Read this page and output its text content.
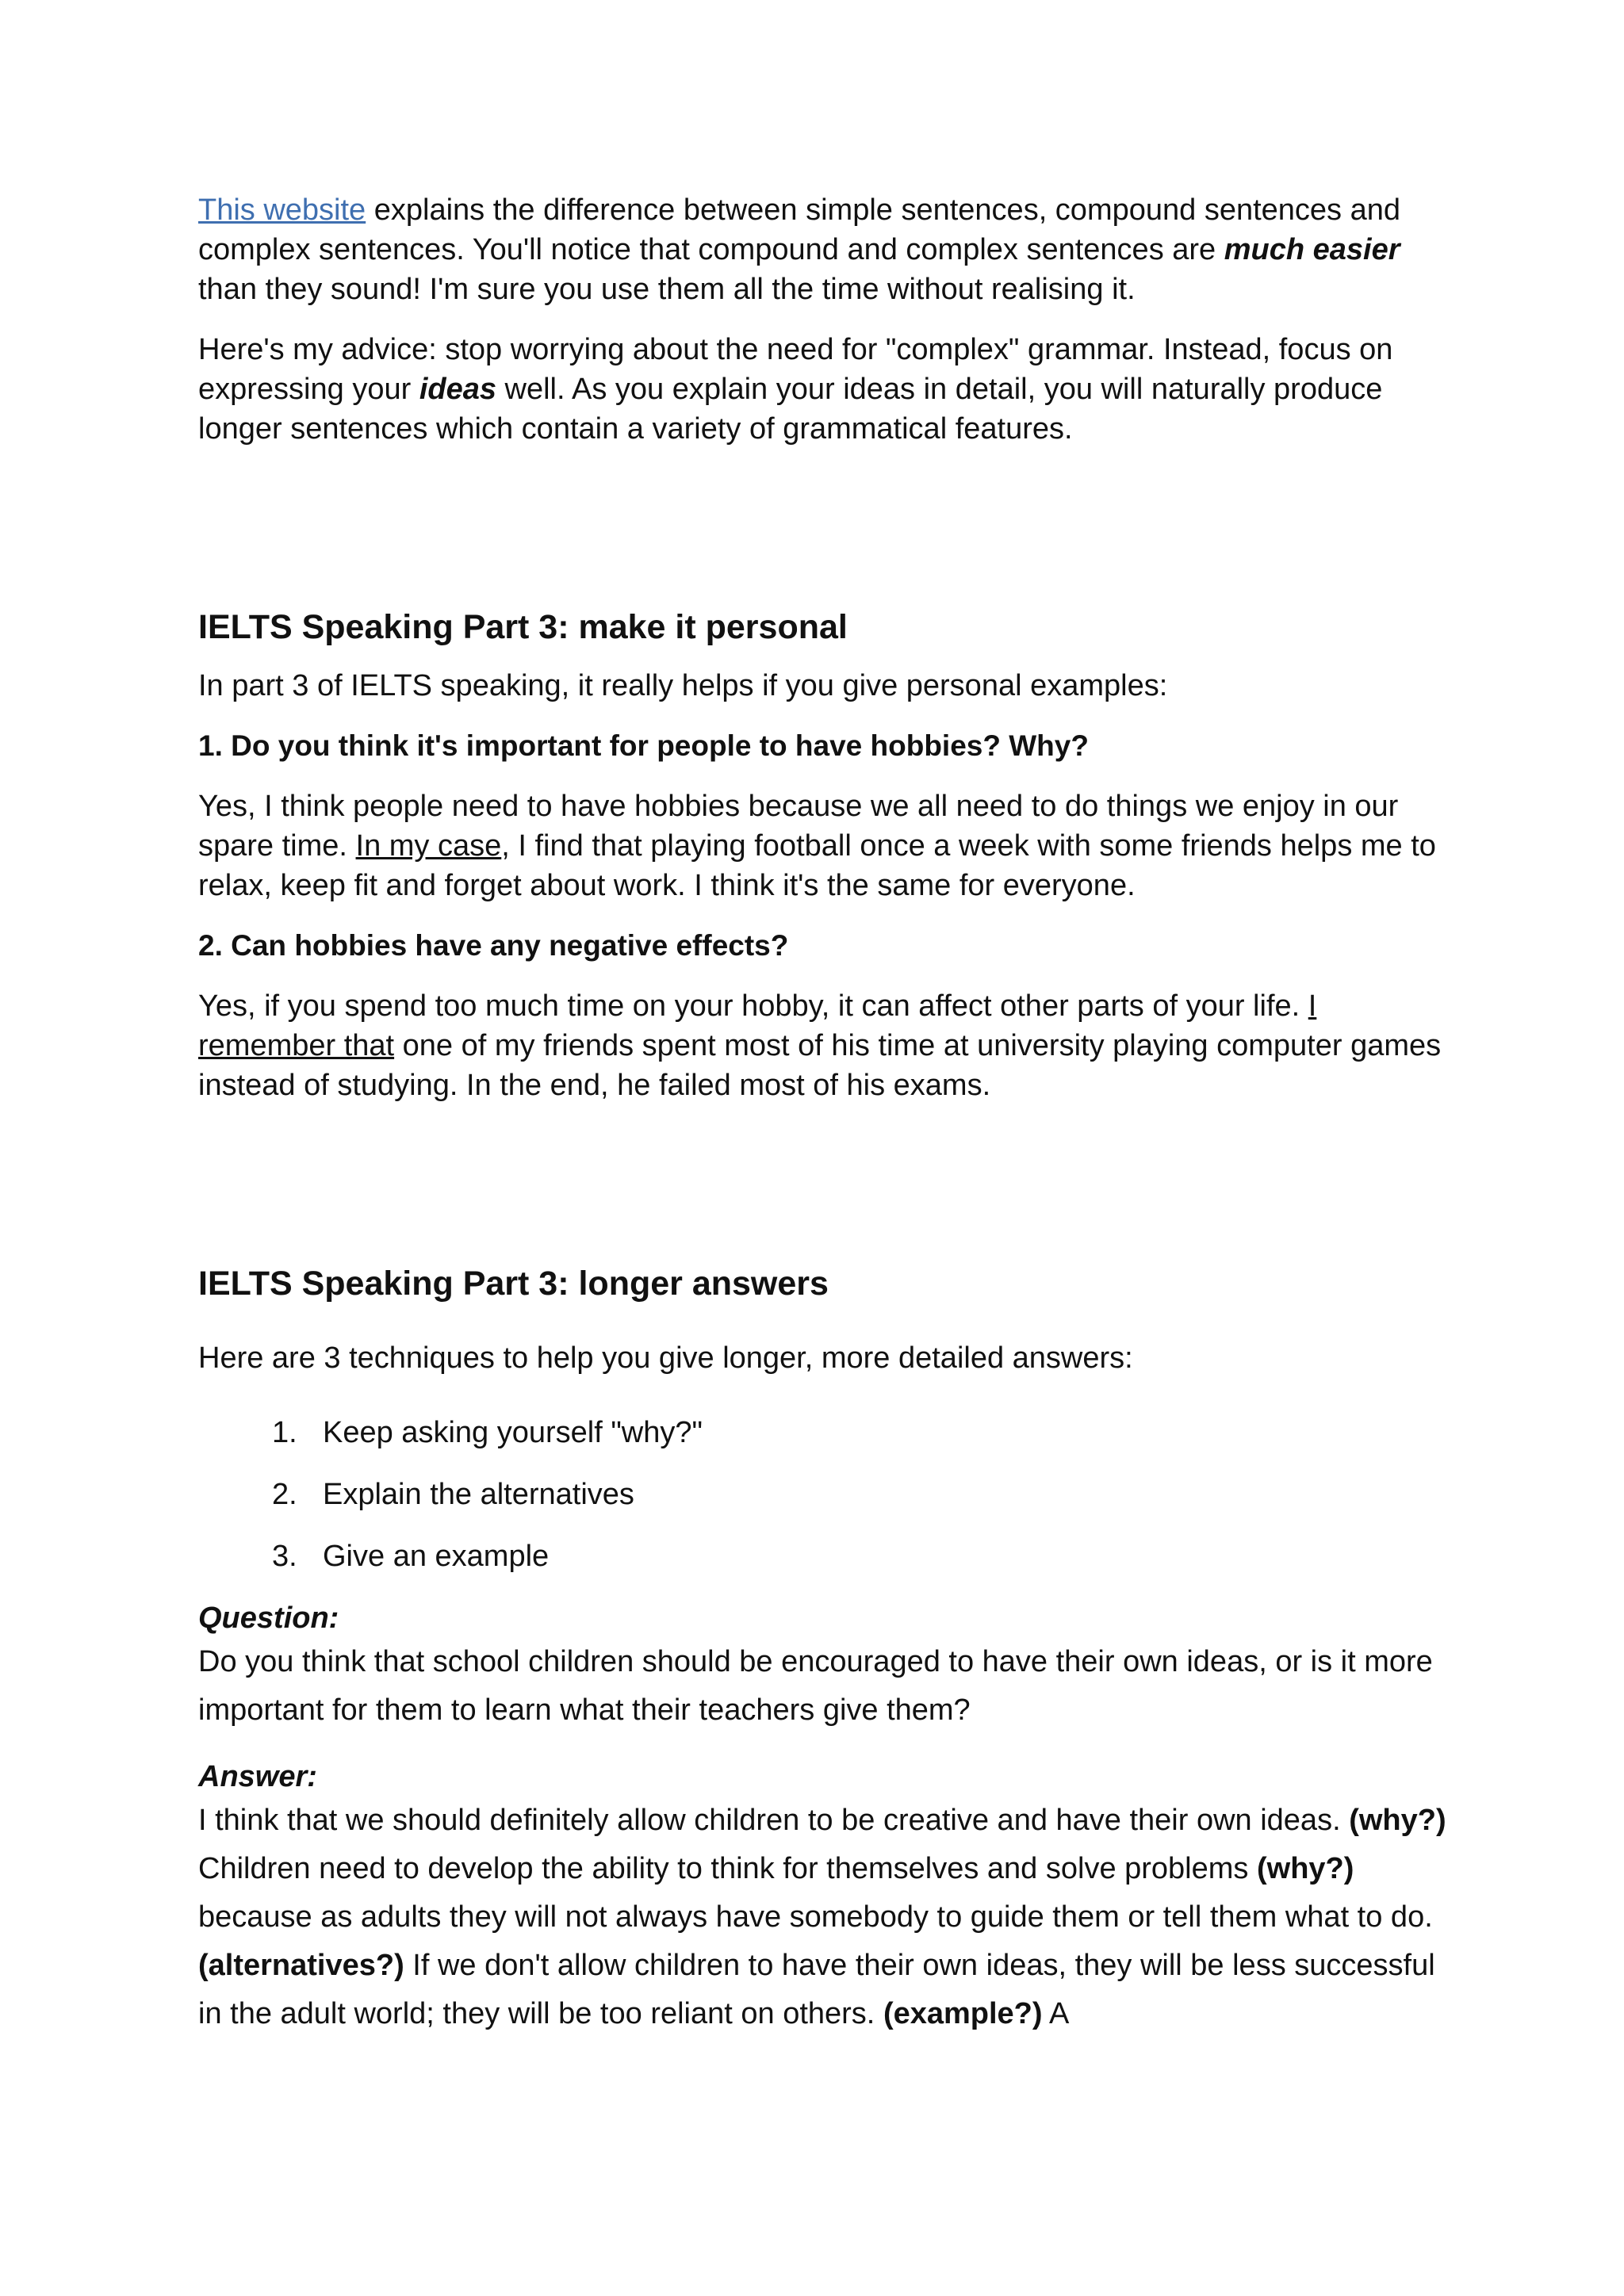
This website explains the difference between simple sentences, compound sentences and complex sentences. You'll notice that compound and complex sentences are much easier than they sound! I'm sure you use them all the time without realising it.

Here's my advice: stop worrying about the need for "complex" grammar. Instead, focus on expressing your ideas well. As you explain your ideas in detail, you will naturally produce longer sentences which contain a variety of grammatical features.

IELTS Speaking Part 3: make it personal

In part 3 of IELTS speaking, it really helps if you give personal examples:

1. Do you think it's important for people to have hobbies? Why?

Yes, I think people need to have hobbies because we all need to do things we enjoy in our spare time. In my case, I find that playing football once a week with some friends helps me to relax, keep fit and forget about work. I think it's the same for everyone.

2. Can hobbies have any negative effects?

Yes, if you spend too much time on your hobby, it can affect other parts of your life. I remember that one of my friends spent most of his time at university playing computer games instead of studying. In the end, he failed most of his exams.

IELTS Speaking Part 3: longer answers

Here are 3 techniques to help you give longer, more detailed answers:

1. Keep asking yourself "why?"
2. Explain the alternatives
3. Give an example

Question:

Do you think that school children should be encouraged to have their own ideas, or is it more important for them to learn what their teachers give them?

Answer:

I think that we should definitely allow children to be creative and have their own ideas. (why?) Children need to develop the ability to think for themselves and solve problems (why?) because as adults they will not always have somebody to guide them or tell them what to do. (alternatives?) If we don't allow children to have their own ideas, they will be less successful in the adult world; they will be too reliant on others. (example?) A
